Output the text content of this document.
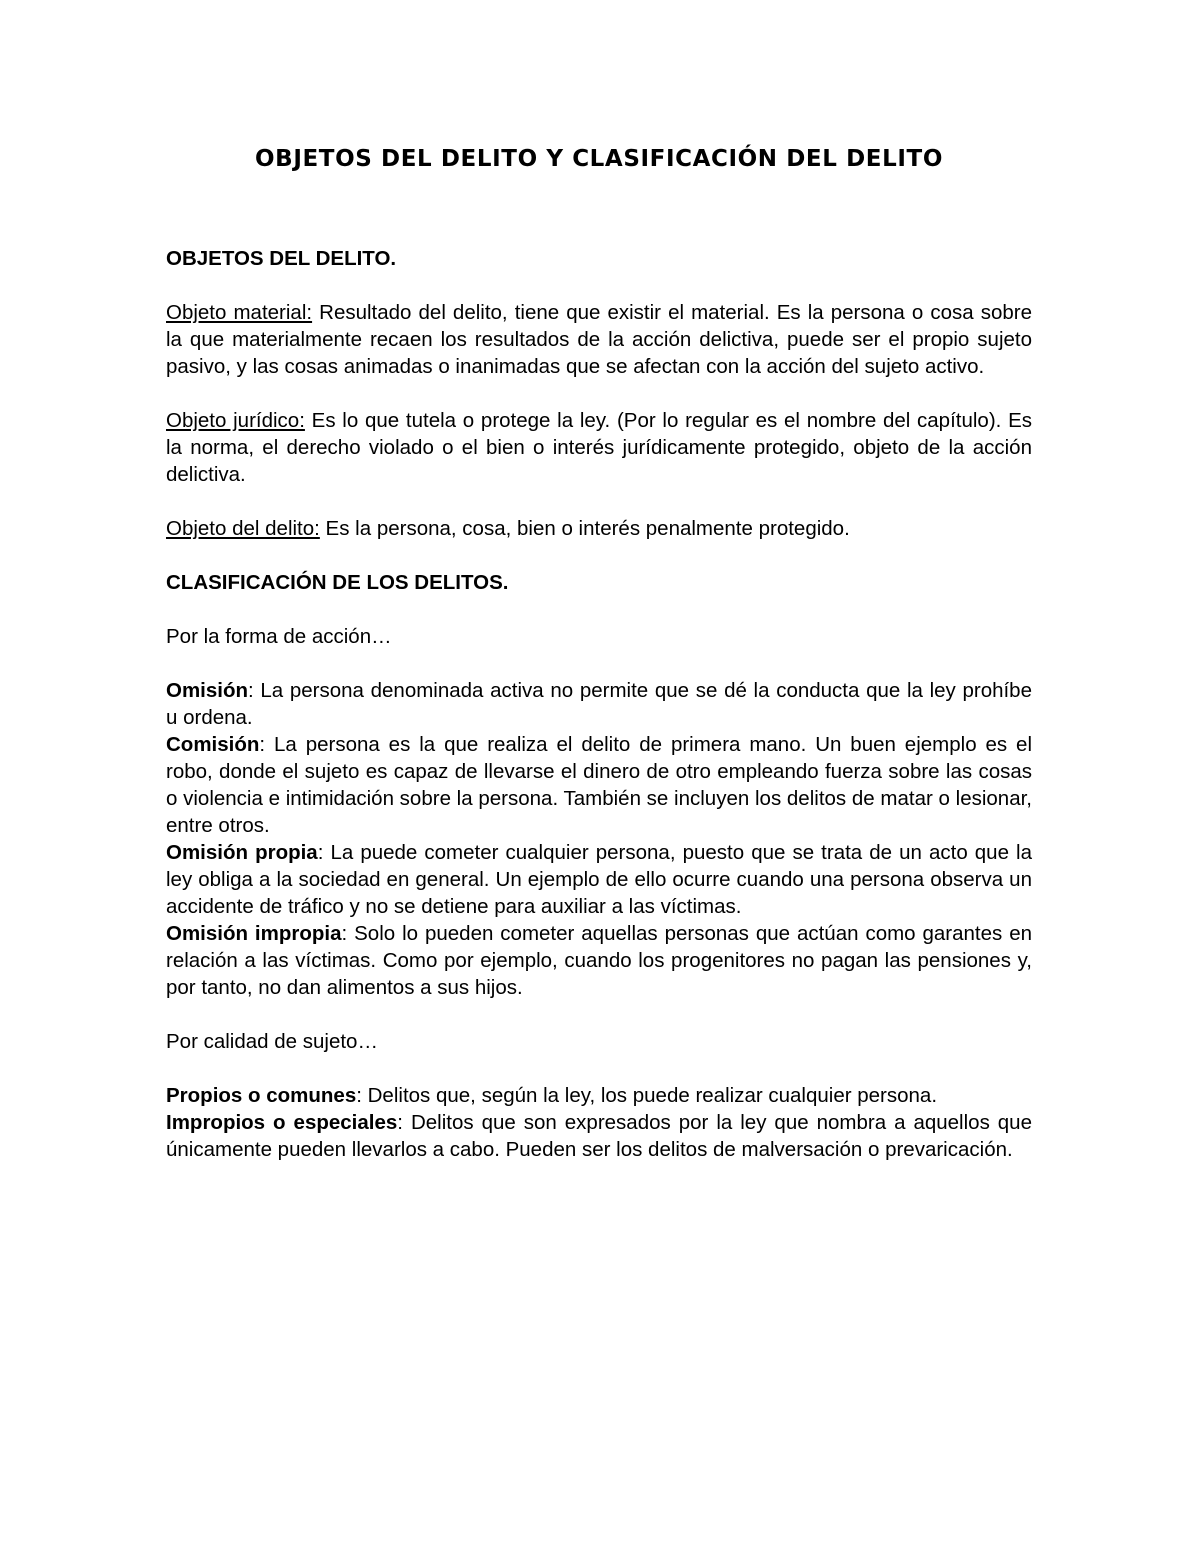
OBJETOS DEL DELITO Y CLASIFICACIÓN DEL DELITO
OBJETOS DEL DELITO.

Objeto material: Resultado del delito, tiene que existir el material. Es la persona o cosa sobre la que materialmente recaen los resultados de la acción delictiva, puede ser el propio sujeto pasivo, y las cosas animadas o inanimadas que se afectan con la acción del sujeto activo.

Objeto jurídico: Es lo que tutela o protege la ley. (Por lo regular es el nombre del capítulo). Es la norma, el derecho violado o el bien o interés jurídicamente protegido, objeto de la acción delictiva.

Objeto del delito: Es la persona, cosa, bien o interés penalmente protegido.

CLASIFICACIÓN DE LOS DELITOS.

Por la forma de acción…

Omisión: La persona denominada activa no permite que se dé la conducta que la ley prohíbe u ordena.

Comisión: La persona es la que realiza el delito de primera mano. Un buen ejemplo es el robo, donde el sujeto es capaz de llevarse el dinero de otro empleando fuerza sobre las cosas o violencia e intimidación sobre la persona. También se incluyen los delitos de matar o lesionar, entre otros.

Omisión propia: La puede cometer cualquier persona, puesto que se trata de un acto que la ley obliga a la sociedad en general. Un ejemplo de ello ocurre cuando una persona observa un accidente de tráfico y no se detiene para auxiliar a las víctimas.

Omisión impropia: Solo lo pueden cometer aquellas personas que actúan como garantes en relación a las víctimas. Como por ejemplo, cuando los progenitores no pagan las pensiones y, por tanto, no dan alimentos a sus hijos.

Por calidad de sujeto…

Propios o comunes: Delitos que, según la ley, los puede realizar cualquier persona.

Impropios o especiales: Delitos que son expresados por la ley que nombra a aquellos que únicamente pueden llevarlos a cabo. Pueden ser los delitos de malversación o prevaricación.
